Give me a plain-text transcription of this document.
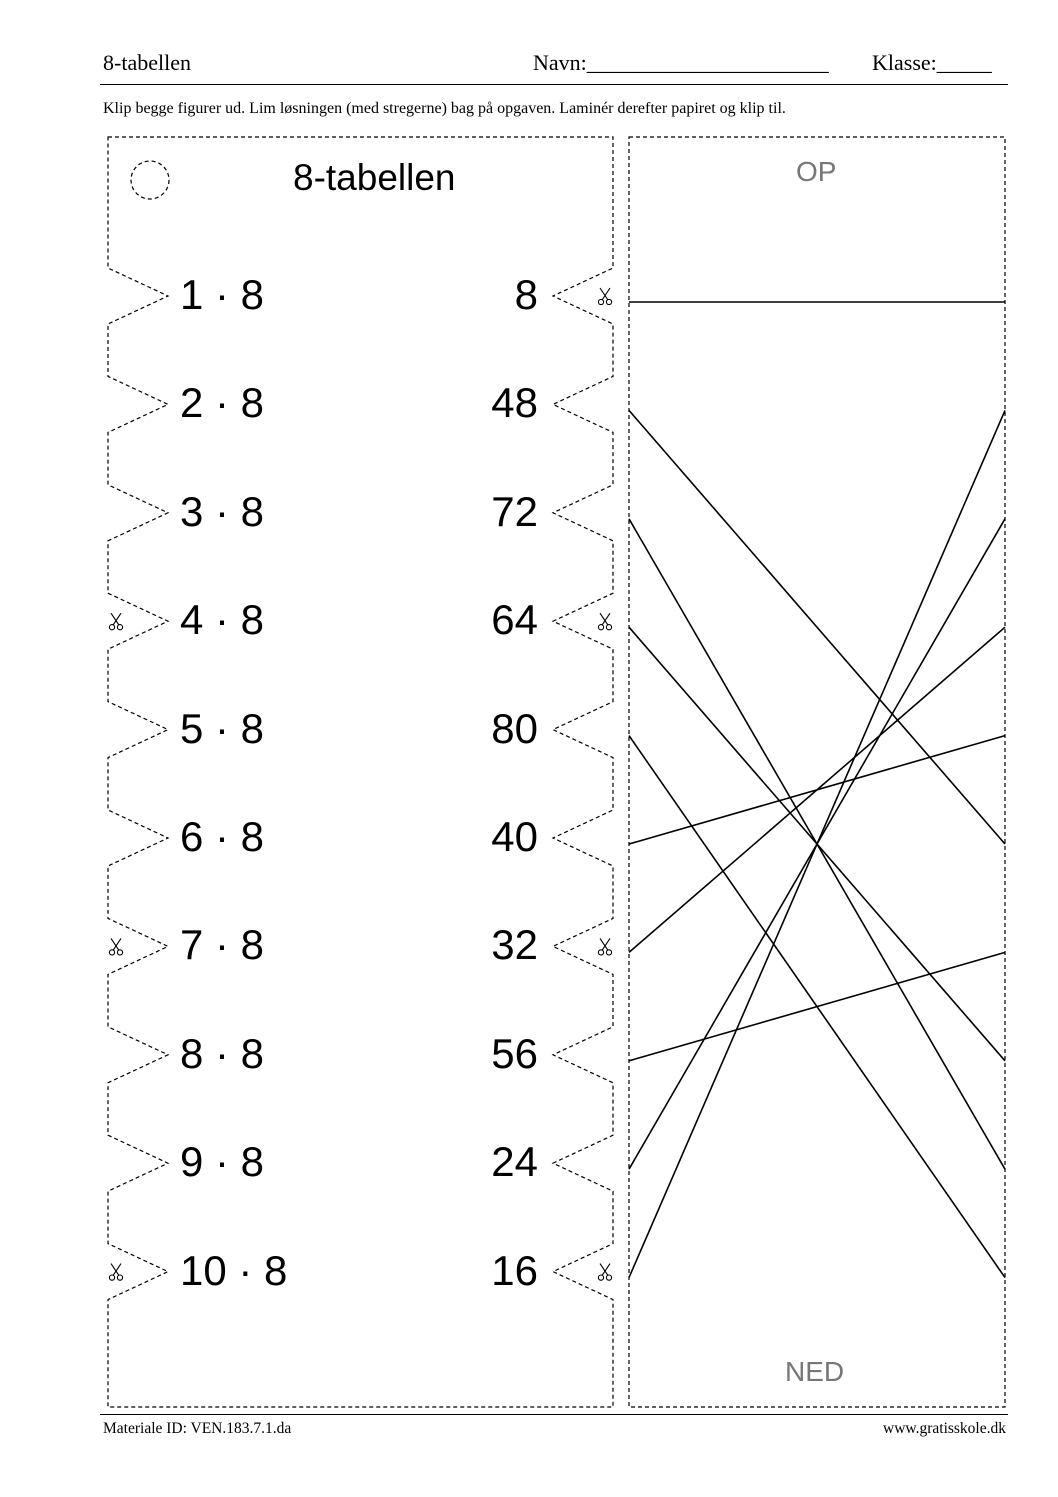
8-tabellen	Navn:______________________ Klasse:_____
Klip begge figurer ud. Lim løsningen (med stregerne) bag på opgaven. Laminér derefter papiret og klip til.
8-tabellen
1 · 8	8
2 · 8	48
3 · 8	72
4 · 8	64
5 · 8	80
6 · 8	40
7 · 8	32
8 · 8	56
9 · 8	24
10 · 8	16
OP
NED
Materiale ID: VEN.183.7.1.da	www.gratisskole.dk
